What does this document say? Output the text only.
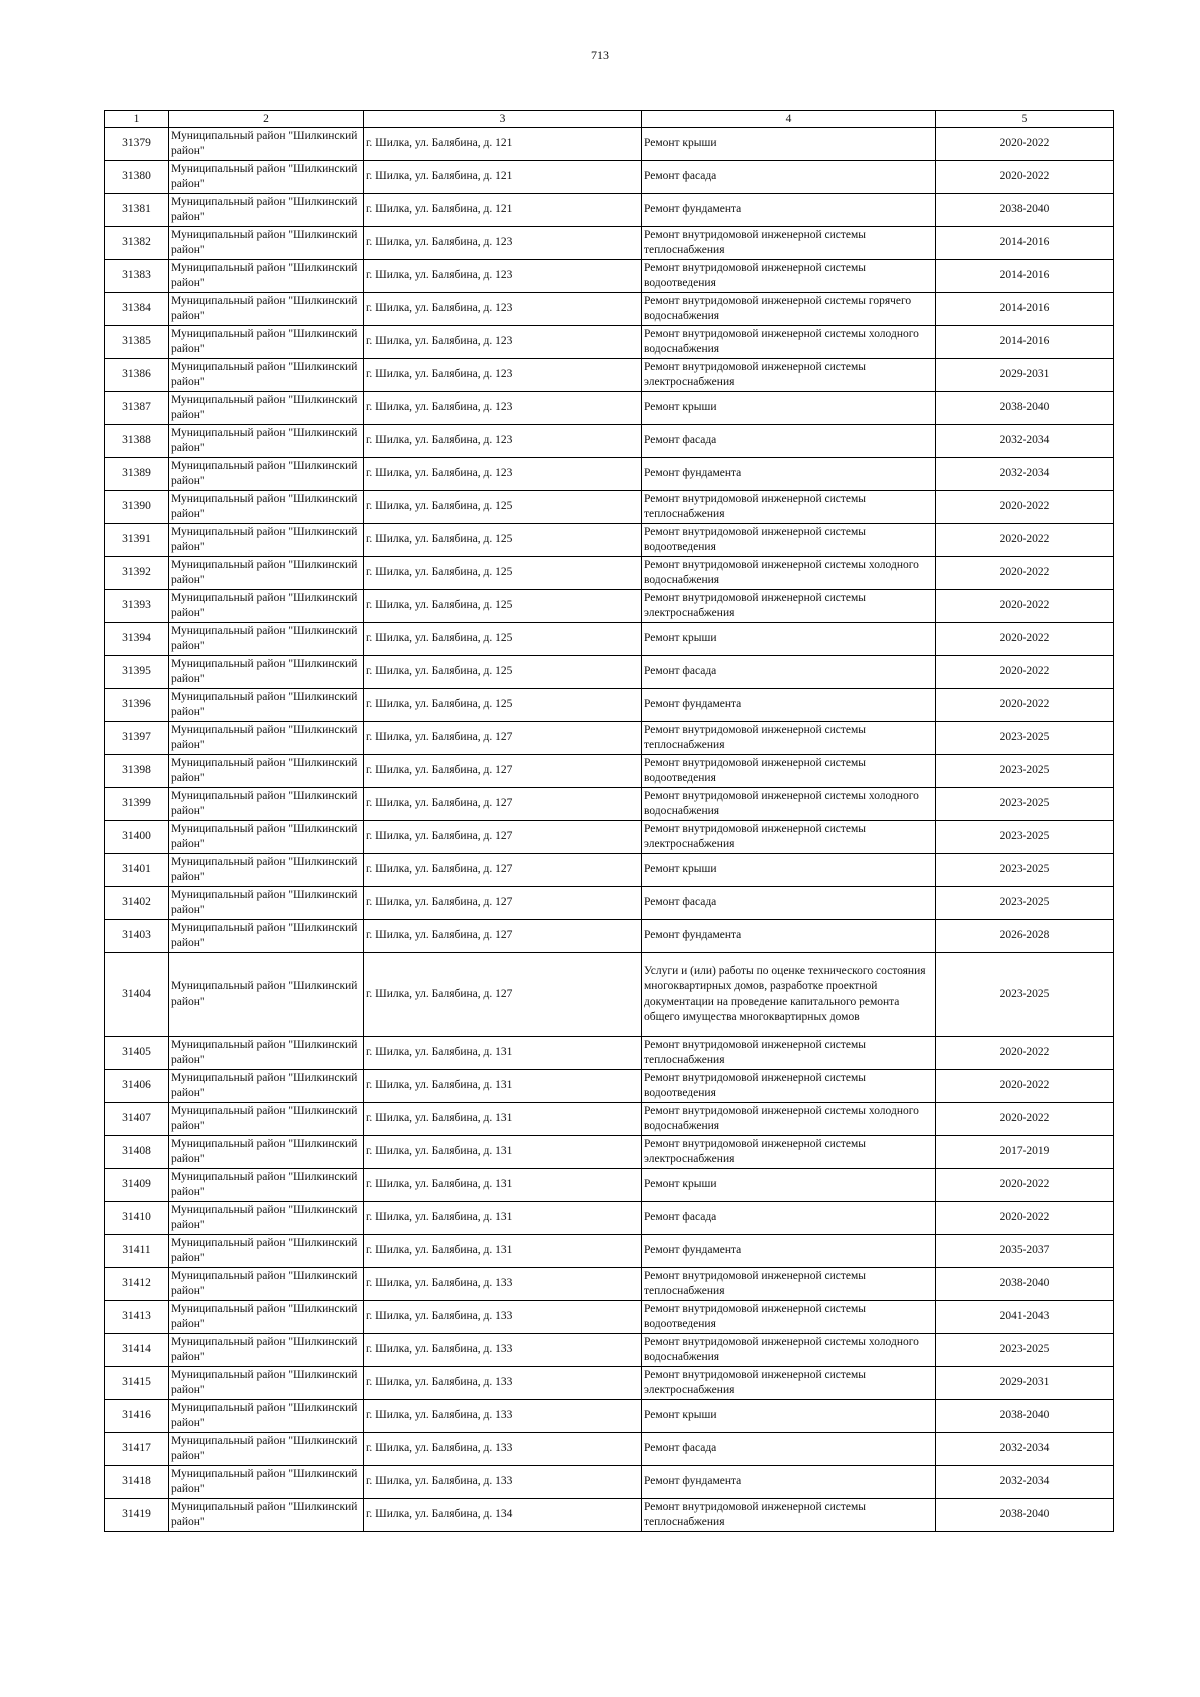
713
1	2	3	4	5
31379	Муниципальный район "Шилкинский район"	г. Шилка, ул. Балябина, д. 121	Ремонт крыши	2020-2022
31380	Муниципальный район "Шилкинский район"	г. Шилка, ул. Балябина, д. 121	Ремонт фасада	2020-2022
31381	Муниципальный район "Шилкинский район"	г. Шилка, ул. Балябина, д. 121	Ремонт фундамента	2038-2040
31382	Муниципальный район "Шилкинский район"	г. Шилка, ул. Балябина, д. 123	Ремонт внутридомовой инженерной системы теплоснабжения	2014-2016
31383	Муниципальный район "Шилкинский район"	г. Шилка, ул. Балябина, д. 123	Ремонт внутридомовой инженерной системы водоотведения	2014-2016
31384	Муниципальный район "Шилкинский район"	г. Шилка, ул. Балябина, д. 123	Ремонт внутридомовой инженерной системы горячего водоснабжения	2014-2016
31385	Муниципальный район "Шилкинский район"	г. Шилка, ул. Балябина, д. 123	Ремонт внутридомовой инженерной системы холодного водоснабжения	2014-2016
31386	Муниципальный район "Шилкинский район"	г. Шилка, ул. Балябина, д. 123	Ремонт внутридомовой инженерной системы электроснабжения	2029-2031
31387	Муниципальный район "Шилкинский район"	г. Шилка, ул. Балябина, д. 123	Ремонт крыши	2038-2040
31388	Муниципальный район "Шилкинский район"	г. Шилка, ул. Балябина, д. 123	Ремонт фасада	2032-2034
31389	Муниципальный район "Шилкинский район"	г. Шилка, ул. Балябина, д. 123	Ремонт фундамента	2032-2034
31390	Муниципальный район "Шилкинский район"	г. Шилка, ул. Балябина, д. 125	Ремонт внутридомовой инженерной системы теплоснабжения	2020-2022
31391	Муниципальный район "Шилкинский район"	г. Шилка, ул. Балябина, д. 125	Ремонт внутридомовой инженерной системы водоотведения	2020-2022
31392	Муниципальный район "Шилкинский район"	г. Шилка, ул. Балябина, д. 125	Ремонт внутридомовой инженерной системы холодного водоснабжения	2020-2022
31393	Муниципальный район "Шилкинский район"	г. Шилка, ул. Балябина, д. 125	Ремонт внутридомовой инженерной системы электроснабжения	2020-2022
31394	Муниципальный район "Шилкинский район"	г. Шилка, ул. Балябина, д. 125	Ремонт крыши	2020-2022
31395	Муниципальный район "Шилкинский район"	г. Шилка, ул. Балябина, д. 125	Ремонт фасада	2020-2022
31396	Муниципальный район "Шилкинский район"	г. Шилка, ул. Балябина, д. 125	Ремонт фундамента	2020-2022
31397	Муниципальный район "Шилкинский район"	г. Шилка, ул. Балябина, д. 127	Ремонт внутридомовой инженерной системы теплоснабжения	2023-2025
31398	Муниципальный район "Шилкинский район"	г. Шилка, ул. Балябина, д. 127	Ремонт внутридомовой инженерной системы водоотведения	2023-2025
31399	Муниципальный район "Шилкинский район"	г. Шилка, ул. Балябина, д. 127	Ремонт внутридомовой инженерной системы холодного водоснабжения	2023-2025
31400	Муниципальный район "Шилкинский район"	г. Шилка, ул. Балябина, д. 127	Ремонт внутридомовой инженерной системы электроснабжения	2023-2025
31401	Муниципальный район "Шилкинский район"	г. Шилка, ул. Балябина, д. 127	Ремонт крыши	2023-2025
31402	Муниципальный район "Шилкинский район"	г. Шилка, ул. Балябина, д. 127	Ремонт фасада	2023-2025
31403	Муниципальный район "Шилкинский район"	г. Шилка, ул. Балябина, д. 127	Ремонт фундамента	2026-2028
31404	Муниципальный район "Шилкинский район"	г. Шилка, ул. Балябина, д. 127	Услуги и (или) работы по оценке технического состояния многоквартирных домов, разработке проектной документации на проведение капитального ремонта общего имущества многоквартирных домов	2023-2025
31405	Муниципальный район "Шилкинский район"	г. Шилка, ул. Балябина, д. 131	Ремонт внутридомовой инженерной системы теплоснабжения	2020-2022
31406	Муниципальный район "Шилкинский район"	г. Шилка, ул. Балябина, д. 131	Ремонт внутридомовой инженерной системы водоотведения	2020-2022
31407	Муниципальный район "Шилкинский район"	г. Шилка, ул. Балябина, д. 131	Ремонт внутридомовой инженерной системы холодного водоснабжения	2020-2022
31408	Муниципальный район "Шилкинский район"	г. Шилка, ул. Балябина, д. 131	Ремонт внутридомовой инженерной системы электроснабжения	2017-2019
31409	Муниципальный район "Шилкинский район"	г. Шилка, ул. Балябина, д. 131	Ремонт крыши	2020-2022
31410	Муниципальный район "Шилкинский район"	г. Шилка, ул. Балябина, д. 131	Ремонт фасада	2020-2022
31411	Муниципальный район "Шилкинский район"	г. Шилка, ул. Балябина, д. 131	Ремонт фундамента	2035-2037
31412	Муниципальный район "Шилкинский район"	г. Шилка, ул. Балябина, д. 133	Ремонт внутридомовой инженерной системы теплоснабжения	2038-2040
31413	Муниципальный район "Шилкинский район"	г. Шилка, ул. Балябина, д. 133	Ремонт внутридомовой инженерной системы водоотведения	2041-2043
31414	Муниципальный район "Шилкинский район"	г. Шилка, ул. Балябина, д. 133	Ремонт внутридомовой инженерной системы холодного водоснабжения	2023-2025
31415	Муниципальный район "Шилкинский район"	г. Шилка, ул. Балябина, д. 133	Ремонт внутридомовой инженерной системы электроснабжения	2029-2031
31416	Муниципальный район "Шилкинский район"	г. Шилка, ул. Балябина, д. 133	Ремонт крыши	2038-2040
31417	Муниципальный район "Шилкинский район"	г. Шилка, ул. Балябина, д. 133	Ремонт фасада	2032-2034
31418	Муниципальный район "Шилкинский район"	г. Шилка, ул. Балябина, д. 133	Ремонт фундамента	2032-2034
31419	Муниципальный район "Шилкинский район"	г. Шилка, ул. Балябина, д. 134	Ремонт внутридомовой инженерной системы теплоснабжения	2038-2040
